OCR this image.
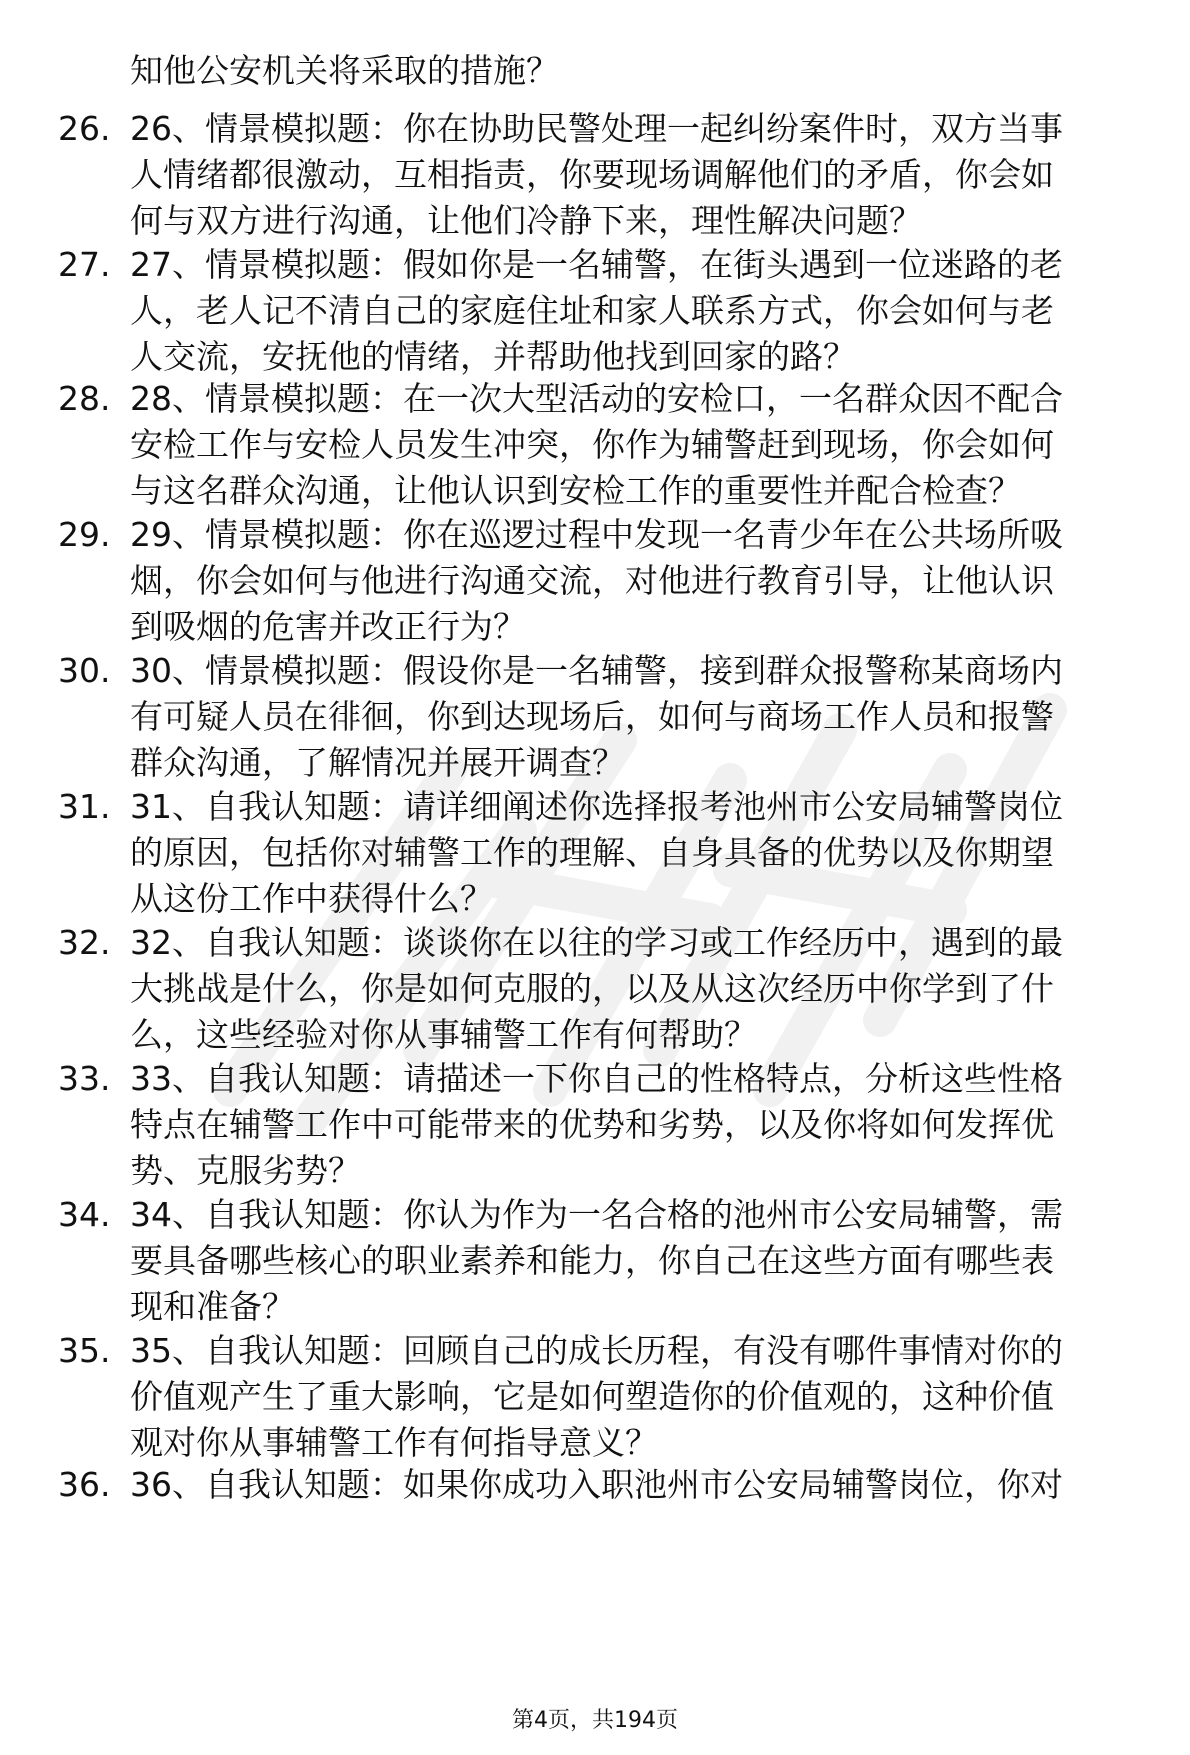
知他公安机关将采取的措施？
26. 26、情景模拟题：你在协助民警处理一起纠纷案件时，双方当事
人情绪都很激动，互相指责，你要现场调解他们的矛盾，你会如
何与双方进行沟通，让他们冷静下来，理性解决问题？
27. 27、情景模拟题：假如你是一名辅警，在街头遇到一位迷路的老
人，老人记不清自己的家庭住址和家人联系方式，你会如何与老
人交流，安抚他的情绪，并帮助他找到回家的路？
28. 28、情景模拟题：在一次大型活动的安检口，一名群众因不配合
安检工作与安检人员发生冲突，你作为辅警赶到现场，你会如何
与这名群众沟通，让他认识到安检工作的重要性并配合检查？
29. 29、情景模拟题：你在巡逻过程中发现一名青少年在公共场所吸
烟，你会如何与他进行沟通交流，对他进行教育引导，让他认识
到吸烟的危害并改正行为？
30. 30、情景模拟题：假设你是一名辅警，接到群众报警称某商场内
有可疑人员在徘徊，你到达现场后，如何与商场工作人员和报警
群众沟通，了解情况并展开调查？
31. 31、自我认知题：请详细阐述你选择报考池州市公安局辅警岗位
的原因，包括你对辅警工作的理解、自身具备的优势以及你期望
从这份工作中获得什么？
32. 32、自我认知题：谈谈你在以往的学习或工作经历中，遇到的最
大挑战是什么，你是如何克服的，以及从这次经历中你学到了什
么，这些经验对你从事辅警工作有何帮助？
33. 33、自我认知题：请描述一下你自己的性格特点，分析这些性格
特点在辅警工作中可能带来的优势和劣势，以及你将如何发挥优
势、克服劣势？
34. 34、自我认知题：你认为作为一名合格的池州市公安局辅警，需
要具备哪些核心的职业素养和能力，你自己在这些方面有哪些表
现和准备？
35. 35、自我认知题：回顾自己的成长历程，有没有哪件事情对你的
价值观产生了重大影响，它是如何塑造你的价值观的，这种价值
观对你从事辅警工作有何指导意义？
36. 36、自我认知题：如果你成功入职池州市公安局辅警岗位，你对
第4页，共194页
